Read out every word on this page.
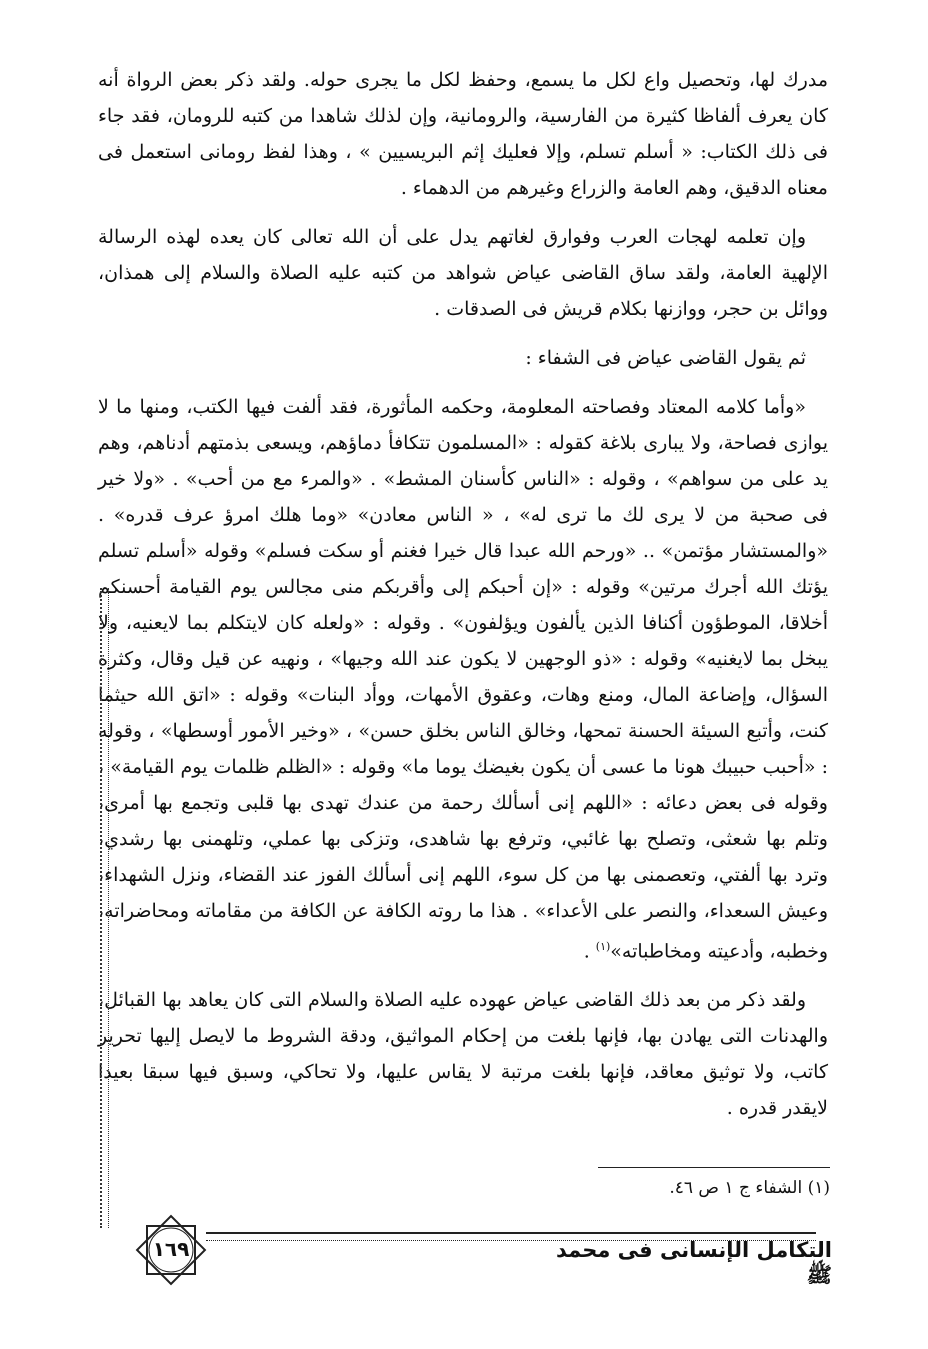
مدرك لها، وتحصيل واع لكل ما يسمع، وحفظ لكل ما يجرى حوله. ولقد ذكر بعض الرواة أنه كان يعرف ألفاظا كثيرة من الفارسية، والرومانية، وإن لذلك شاهدا من كتبه للرومان، فقد جاء فى ذلك الكتاب: « أسلم تسلم، وإلا فعليك إثم البريسيين » ، وهذا لفظ رومانى استعمل فى معناه الدقيق، وهم العامة والزراع وغيرهم من الدهماء .

وإن تعلمه لهجات العرب وفوارق لغاتهم يدل على أن الله تعالى كان يعده لهذه الرسالة الإلهية العامة، ولقد ساق القاضى عياض شواهد من كتبه عليه الصلاة والسلام إلى همذان، ووائل بن حجر، ووازنها بكلام قريش فى الصدقات .

ثم يقول القاضى عياض فى الشفاء :

«وأما كلامه المعتاد وفصاحته المعلومة، وحكمه المأثورة، فقد ألفت فيها الكتب، ومنها ما لا يوازى فصاحة، ولا يبارى بلاغة كقوله : «المسلمون تتكافأ دماؤهم، ويسعى بذمتهم أدناهم، وهم يد على من سواهم» ، وقوله : «الناس كأسنان المشط» . «والمرء مع من أحب» . «ولا خير فى صحبة من لا يرى لك ما ترى له» ، « الناس معادن» «وما هلك امرؤ عرف قدره» . «والمستشار مؤتمن» .. «ورحم الله عبدا قال خيرا فغنم أو سكت فسلم» وقوله «أسلم تسلم يؤتك الله أجرك مرتين» وقوله : «إن أحبكم إلى وأقربكم منى مجالس يوم القيامة أحسنكم أخلاقا، الموطؤون أكنافا الذين يألفون ويؤلفون» . وقوله : «ولعله كان لايتكلم بما لايعنيه، ولا يبخل بما لايغنيه» وقوله : «ذو الوجهين لا يكون عند الله وجيها» ، ونهيه عن قيل وقال، وكثرة السؤال، وإضاعة المال، ومنع وهات، وعقوق الأمهات، ووأد البنات» وقوله : «اتق الله حيثما كنت، وأتبع السيئة الحسنة تمحها، وخالق الناس بخلق حسن» ، «وخير الأمور أوسطها» ، وقوله : «أحبب حبيبك هونا ما عسى أن يكون بغيضك يوما ما» وقوله : «الظلم ظلمات يوم القيامة» ، وقوله فى بعض دعائه : «اللهم إنى أسألك رحمة من عندك تهدى بها قلبى وتجمع بها أمرى، وتلم بها شعثى، وتصلح بها غائبي، وترفع بها شاهدى، وتزكى بها عملي، وتلهمنى بها رشدي، وترد بها ألفتي، وتعصمنى بها من كل سوء، اللهم إنى أسألك الفوز عند القضاء، ونزل الشهداء، وعيش السعداء، والنصر على الأعداء» . هذا ما روته الكافة عن الكافة من مقاماته ومحاضراته، وخطبه، وأدعيته ومخاطباته»$^{(١)}$ .

ولقد ذكر من بعد ذلك القاضى عياض عهوده عليه الصلاة والسلام التى كان يعاهد بها القبائل، والهدنات التى يهادن بها، فإنها بلغت من إحكام المواثيق، ودقة الشروط ما لايصل إليها تحرير كاتب، ولا توثيق معاقد، فإنها بلغت مرتبة لا يقاس عليها، ولا تحاكي، وسبق فيها سبقا بعيدا لايقدر قدره .

(١) الشفاء ج ١ ص ٤٦.
التكامل الإنسانى فى محمد ﷺ
١٦٩
